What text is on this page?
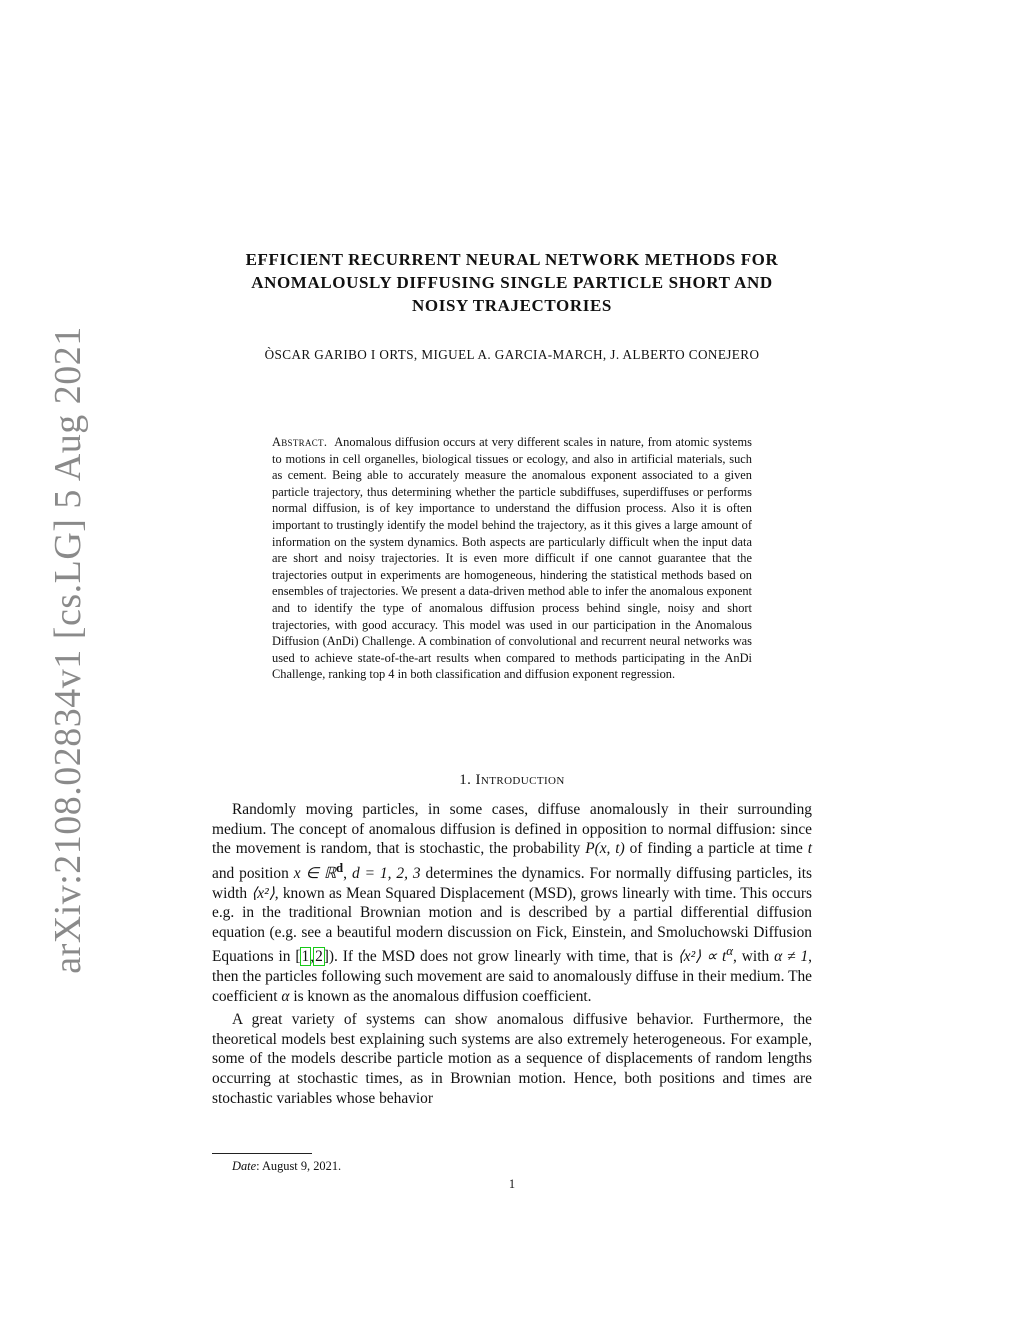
arXiv:2108.02834v1 [cs.LG] 5 Aug 2021
EFFICIENT RECURRENT NEURAL NETWORK METHODS FOR
ANOMALOUSLY DIFFUSING SINGLE PARTICLE SHORT AND
NOISY TRAJECTORIES
ÒSCAR GARIBO I ORTS, MIGUEL A. GARCIA-MARCH, J. ALBERTO CONEJERO
Abstract. Anomalous diffusion occurs at very different scales in nature, from atomic systems to motions in cell organelles, biological tissues or ecology, and also in artificial materials, such as cement. Being able to accurately measure the anomalous exponent associated to a given particle trajectory, thus determining whether the particle subdiffuses, superdiffuses or performs normal diffusion, is of key importance to understand the diffusion process. Also it is often important to trustingly identify the model behind the trajectory, as it this gives a large amount of information on the system dynamics. Both aspects are particularly difficult when the input data are short and noisy trajectories. It is even more difficult if one cannot guarantee that the trajectories output in experiments are homogeneous, hindering the statistical methods based on ensembles of trajectories. We present a data-driven method able to infer the anomalous exponent and to identify the type of anomalous diffusion process behind single, noisy and short trajectories, with good accuracy. This model was used in our participation in the Anomalous Diffusion (AnDi) Challenge. A combination of convolutional and recurrent neural networks was used to achieve state-of-the-art results when compared to methods participating in the AnDi Challenge, ranking top 4 in both classification and diffusion exponent regression.
1. Introduction

Randomly moving particles, in some cases, diffuse anomalously in their surrounding medium. The concept of anomalous diffusion is defined in opposition to normal diffusion: since the movement is random, that is stochastic, the probability P(x, t) of finding a particle at time t and position x ∈ ℝ$^d$, d = 1, 2, 3 determines the dynamics. For normally diffusing particles, its width ⟨x²⟩, known as Mean Squared Displacement (MSD), grows linearly with time. This occurs e.g. in the traditional Brownian motion and is described by a partial differential diffusion equation (e.g. see a beautiful modern discussion on Fick, Einstein, and Smoluchowski Diffusion Equations in [1,2]). If the MSD does not grow linearly with time, that is ⟨x²⟩ ∝ $t^\alpha$, with α ≠ 1, then the particles following such movement are said to anomalously diffuse in their medium. The coefficient α is known as the anomalous diffusion coefficient.

A great variety of systems can show anomalous diffusive behavior. Furthermore, the theoretical models best explaining such systems are also extremely heterogeneous. For example, some of the models describe particle motion as a sequence of displacements of random lengths occurring at stochastic times, as in Brownian motion. Hence, both positions and times are stochastic variables whose behavior

Date: August 9, 2021.
1
